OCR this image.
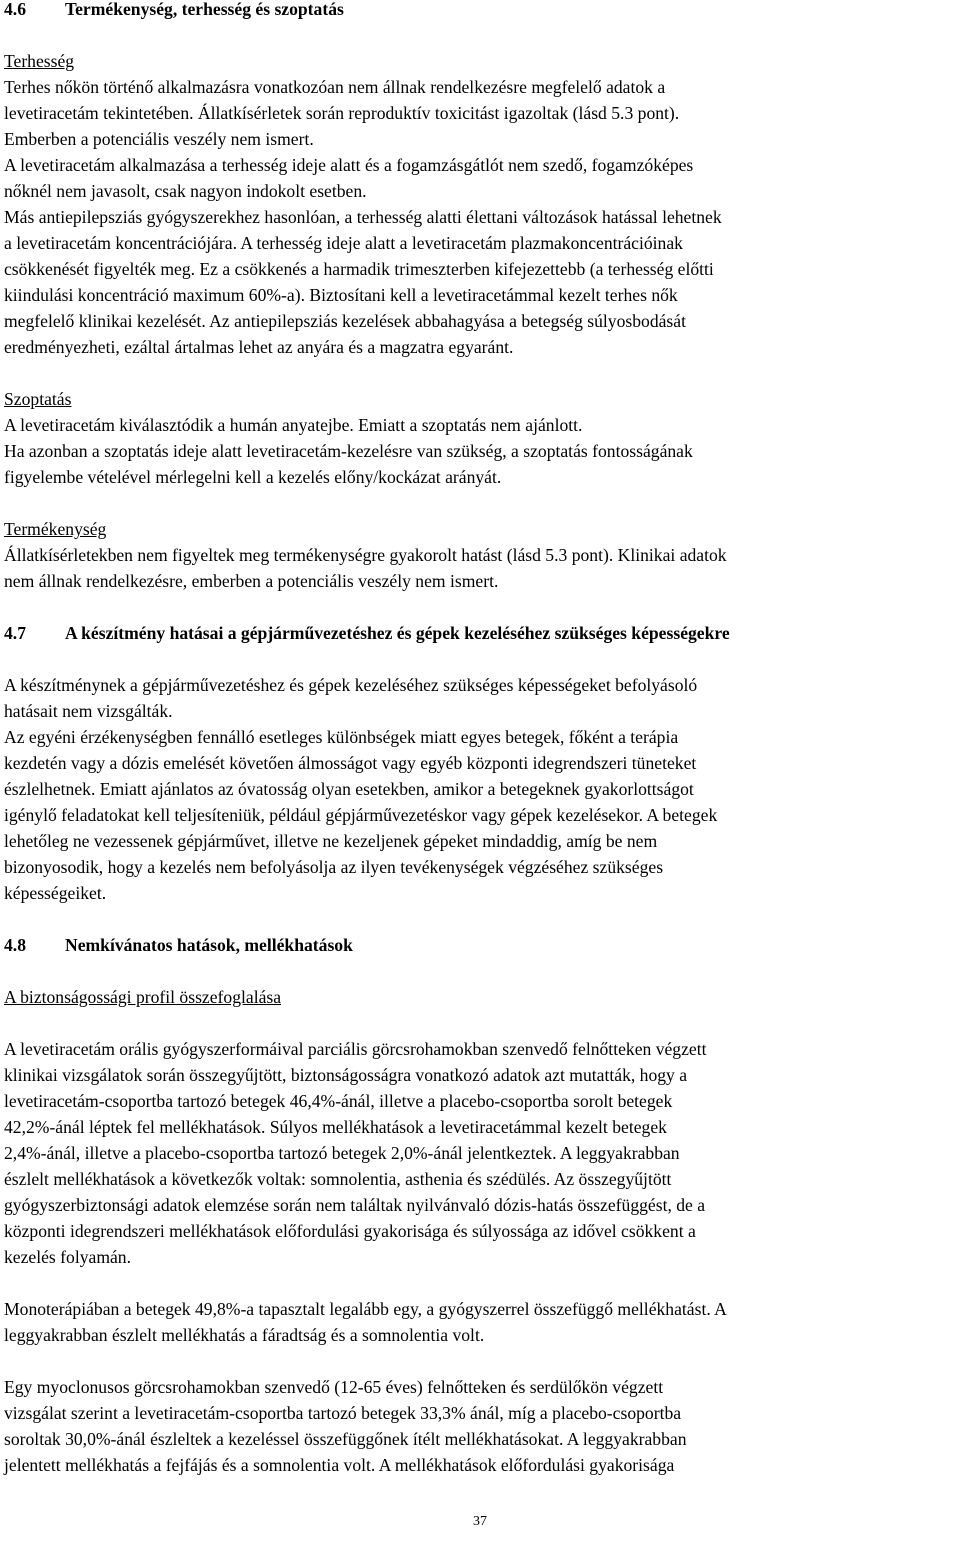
4.6	Termékenység, terhesség és szoptatás

Terhesség

Terhes nőkön történő alkalmazásra vonatkozóan nem állnak rendelkezésre megfelelő adatok a

levetiracetám tekintetében. Állatkísérletek során reproduktív toxicitást igazoltak (lásd 5.3 pont).

Emberben a potenciális veszély nem ismert.

A levetiracetám alkalmazása a terhesség ideje alatt és a fogamzásgátlót nem szedő, fogamzóképes

nőknél nem javasolt, csak nagyon indokolt esetben.

Más antiepilepsziás gyógyszerekhez hasonlóan, a terhesség alatti élettani változások hatással lehetnek

a levetiracetám koncentrációjára. A terhesség ideje alatt a levetiracetám plazmakoncentrációinak

csökkenését figyelték meg. Ez a csökkenés a harmadik trimeszterben kifejezettebb (a terhesség előtti

kiindulási koncentráció maximum 60%-a). Biztosítani kell a levetiracetámmal kezelt terhes nők

megfelelő klinikai kezelését. Az antiepilepsziás kezelések abbahagyása a betegség súlyosbodását

eredményezheti, ezáltal ártalmas lehet az anyára és a magzatra egyaránt.

Szoptatás

A levetiracetám kiválasztódik a humán anyatejbe. Emiatt a szoptatás nem ajánlott.

Ha azonban a szoptatás ideje alatt levetiracetám-kezelésre van szükség, a szoptatás fontosságának

figyelembe vételével mérlegelni kell a kezelés előny/kockázat arányát.

Termékenység

Állatkísérletekben nem figyeltek meg termékenységre gyakorolt hatást (lásd 5.3 pont). Klinikai adatok

nem állnak rendelkezésre, emberben a potenciális veszély nem ismert.

4.7	A készítmény hatásai a gépjárművezetéshez és gépek kezeléséhez szükséges képességekre

A készítménynek a gépjárművezetéshez és gépek kezeléséhez szükséges képességeket befolyásoló

hatásait nem vizsgálták.

Az egyéni érzékenységben fennálló esetleges különbségek miatt egyes betegek, főként a terápia

kezdetén vagy a dózis emelését követően álmosságot vagy egyéb központi idegrendszeri tüneteket

észlelhetnek. Emiatt ajánlatos az óvatosság olyan esetekben, amikor a betegeknek gyakorlottságot

igénylő feladatokat kell teljesíteniük, például gépjárművezetéskor vagy gépek kezelésekor. A betegek

lehetőleg ne vezessenek gépjárművet, illetve ne kezeljenek gépeket mindaddig, amíg be nem

bizonyosodik, hogy a kezelés nem befolyásolja az ilyen tevékenységek végzéséhez szükséges

képességeiket.

4.8	Nemkívánatos hatások, mellékhatások

A biztonságossági profil összefoglalása

A levetiracetám orális gyógyszerformáival parciális görcsrohamokban szenvedő felnőtteken végzett

klinikai vizsgálatok során összegyűjtött, biztonságosságra vonatkozó adatok azt mutatták, hogy a

levetiracetám-csoportba tartozó betegek 46,4%-ánál, illetve a placebo-csoportba sorolt betegek

42,2%-ánál léptek fel mellékhatások. Súlyos mellékhatások a levetiracetámmal kezelt betegek

2,4%-ánál, illetve a placebo-csoportba tartozó betegek 2,0%-ánál jelentkeztek. A leggyakrabban

észlelt mellékhatások a következők voltak: somnolentia, asthenia és szédülés. Az összegyűjtött

gyógyszerbiztonsági adatok elemzése során nem találtak nyilvánvaló dózis-hatás összefüggést, de a

központi idegrendszeri mellékhatások előfordulási gyakorisága és súlyossága az idővel csökkent a

kezelés folyamán.

Monoterápiában a betegek 49,8%-a tapasztalt legalább egy, a gyógyszerrel összefüggő mellékhatást. A

leggyakrabban észlelt mellékhatás a fáradtság és a somnolentia volt.

Egy myoclonusos görcsrohamokban szenvedő (12-65 éves) felnőtteken és serdülőkön végzett

vizsgálat szerint a levetiracetám-csoportba tartozó betegek 33,3% ánál, míg a placebo-csoportba

soroltak 30,0%-ánál észleltek a kezeléssel összefüggőnek ítélt mellékhatásokat. A leggyakrabban

jelentett mellékhatás a fejfájás és a somnolentia volt. A mellékhatások előfordulási gyakorisága

37
